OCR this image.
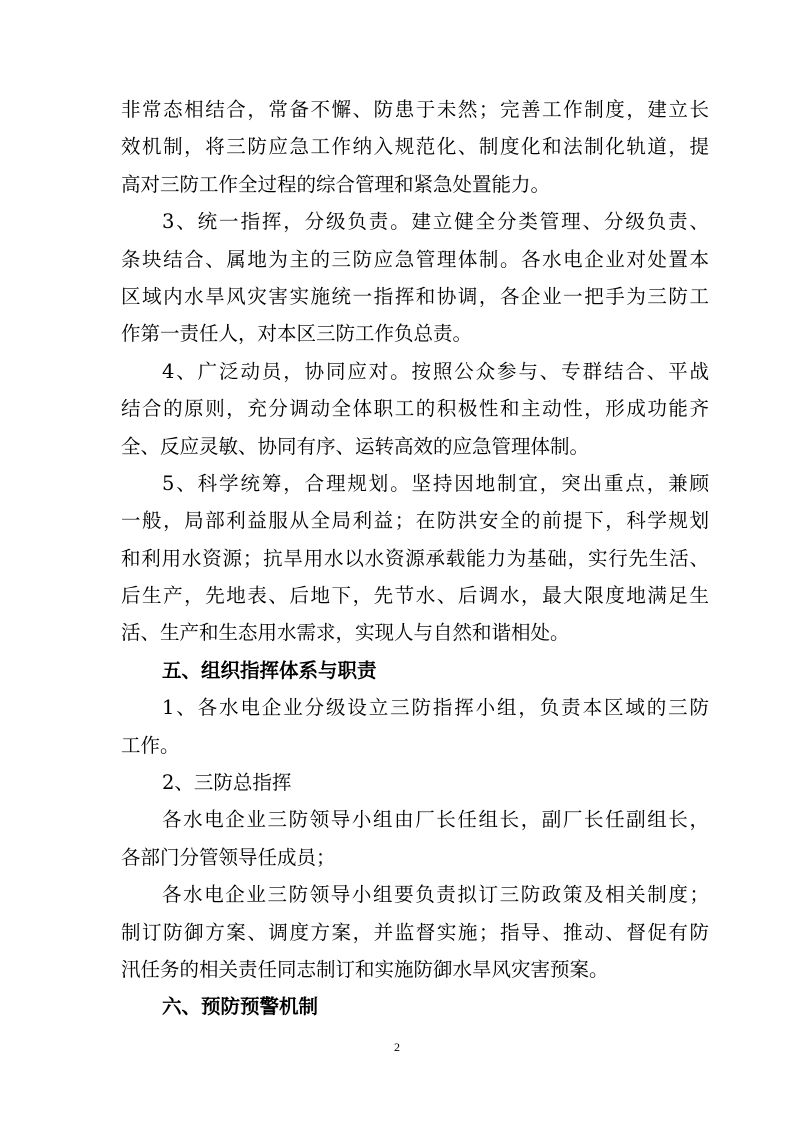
非常态相结合，常备不懈、防患于未然；完善工作制度，建立长
效机制，将三防应急工作纳入规范化、制度化和法制化轨道，提
高对三防工作全过程的综合管理和紧急处置能力。
3、统一指挥，分级负责。建立健全分类管理、分级负责、
条块结合、属地为主的三防应急管理体制。各水电企业对处置本
区域内水旱风灾害实施统一指挥和协调，各企业一把手为三防工
作第一责任人，对本区三防工作负总责。
4、广泛动员，协同应对。按照公众参与、专群结合、平战
结合的原则，充分调动全体职工的积极性和主动性，形成功能齐
全、反应灵敏、协同有序、运转高效的应急管理体制。
5、科学统筹，合理规划。坚持因地制宜，突出重点，兼顾
一般，局部利益服从全局利益；在防洪安全的前提下，科学规划
和利用水资源；抗旱用水以水资源承载能力为基础，实行先生活、
后生产，先地表、后地下，先节水、后调水，最大限度地满足生
活、生产和生态用水需求，实现人与自然和谐相处。
五、组织指挥体系与职责
1、各水电企业分级设立三防指挥小组，负责本区域的三防
工作。
2、三防总指挥
各水电企业三防领导小组由厂长任组长，副厂长任副组长，
各部门分管领导任成员；
各水电企业三防领导小组要负责拟订三防政策及相关制度；
制订防御方案、调度方案，并监督实施；指导、推动、督促有防
汛任务的相关责任同志制订和实施防御水旱风灾害预案。
六、预防预警机制
2
